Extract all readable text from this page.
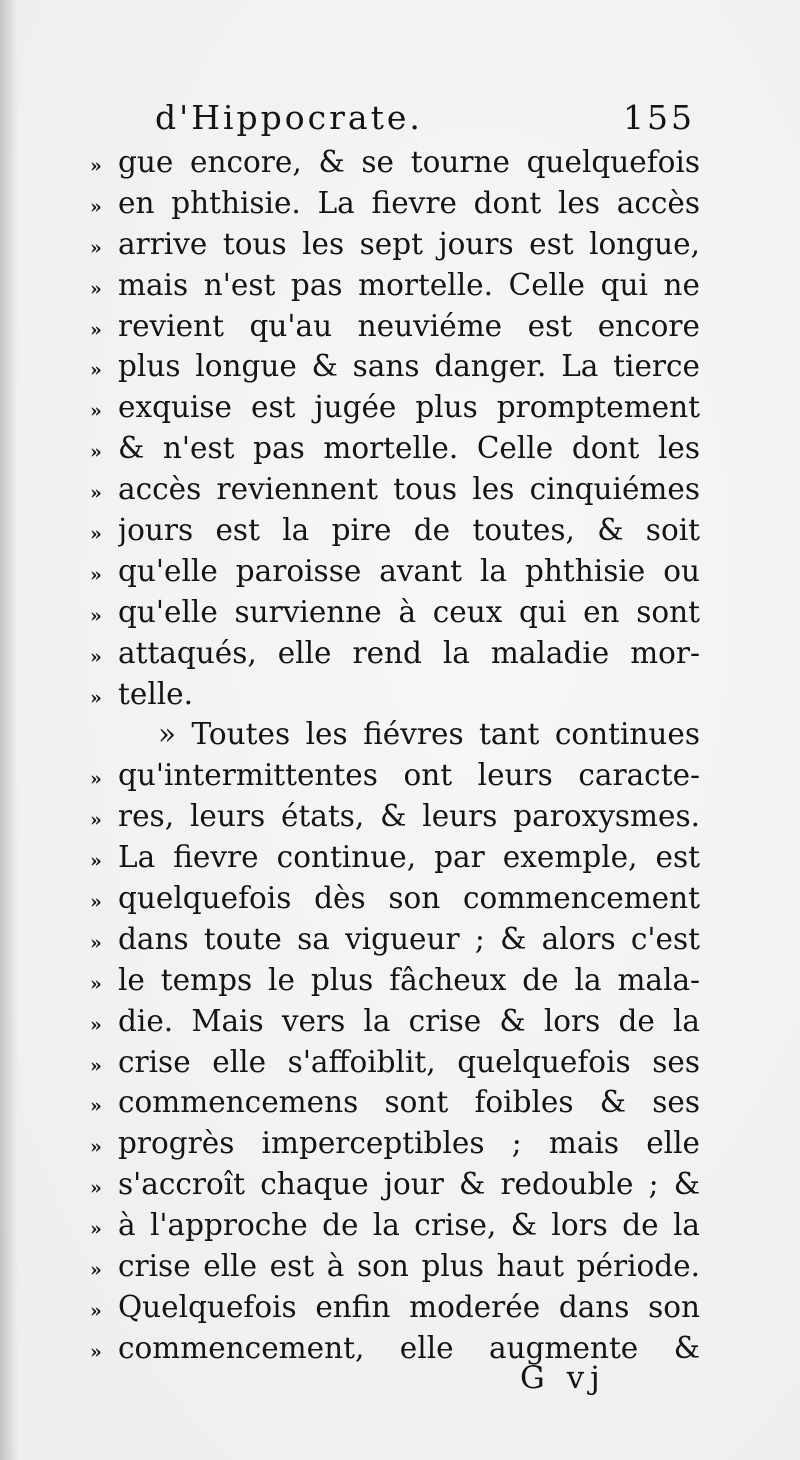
d'Hippocrate.	155
» gue encore, & se tourne quelquefois
» en phthisie. La fievre dont les accès
» arrive tous les sept jours est longue,
» mais n'est pas mortelle. Celle qui ne
» revient qu'au neuviéme est encore
» plus longue & sans danger. La tierce
» exquise est jugée plus promptement
» & n'est pas mortelle. Celle dont les
» accès reviennent tous les cinquiémes
» jours est la pire de toutes, & soit
» qu'elle paroisse avant la phthisie ou
» qu'elle survienne à ceux qui en sont
» attaqués, elle rend la maladie mor-
» telle.
» Toutes les fiévres tant continues
» qu'intermittentes ont leurs caracte-
» res, leurs états, & leurs paroxysmes.
» La fievre continue, par exemple, est
» quelquefois dès son commencement
» dans toute sa vigueur ; & alors c'est
» le temps le plus fâcheux de la mala-
» die. Mais vers la crise & lors de la
» crise elle s'affoiblit, quelquefois ses
» commencemens sont foibles & ses
» progrès imperceptibles ; mais elle
» s'accroît chaque jour & redouble ; &
» à l'approche de la crise, & lors de la
» crise elle est à son plus haut période.
» Quelquefois enfin moderée dans son
» commencement, elle augmente &
G vj
